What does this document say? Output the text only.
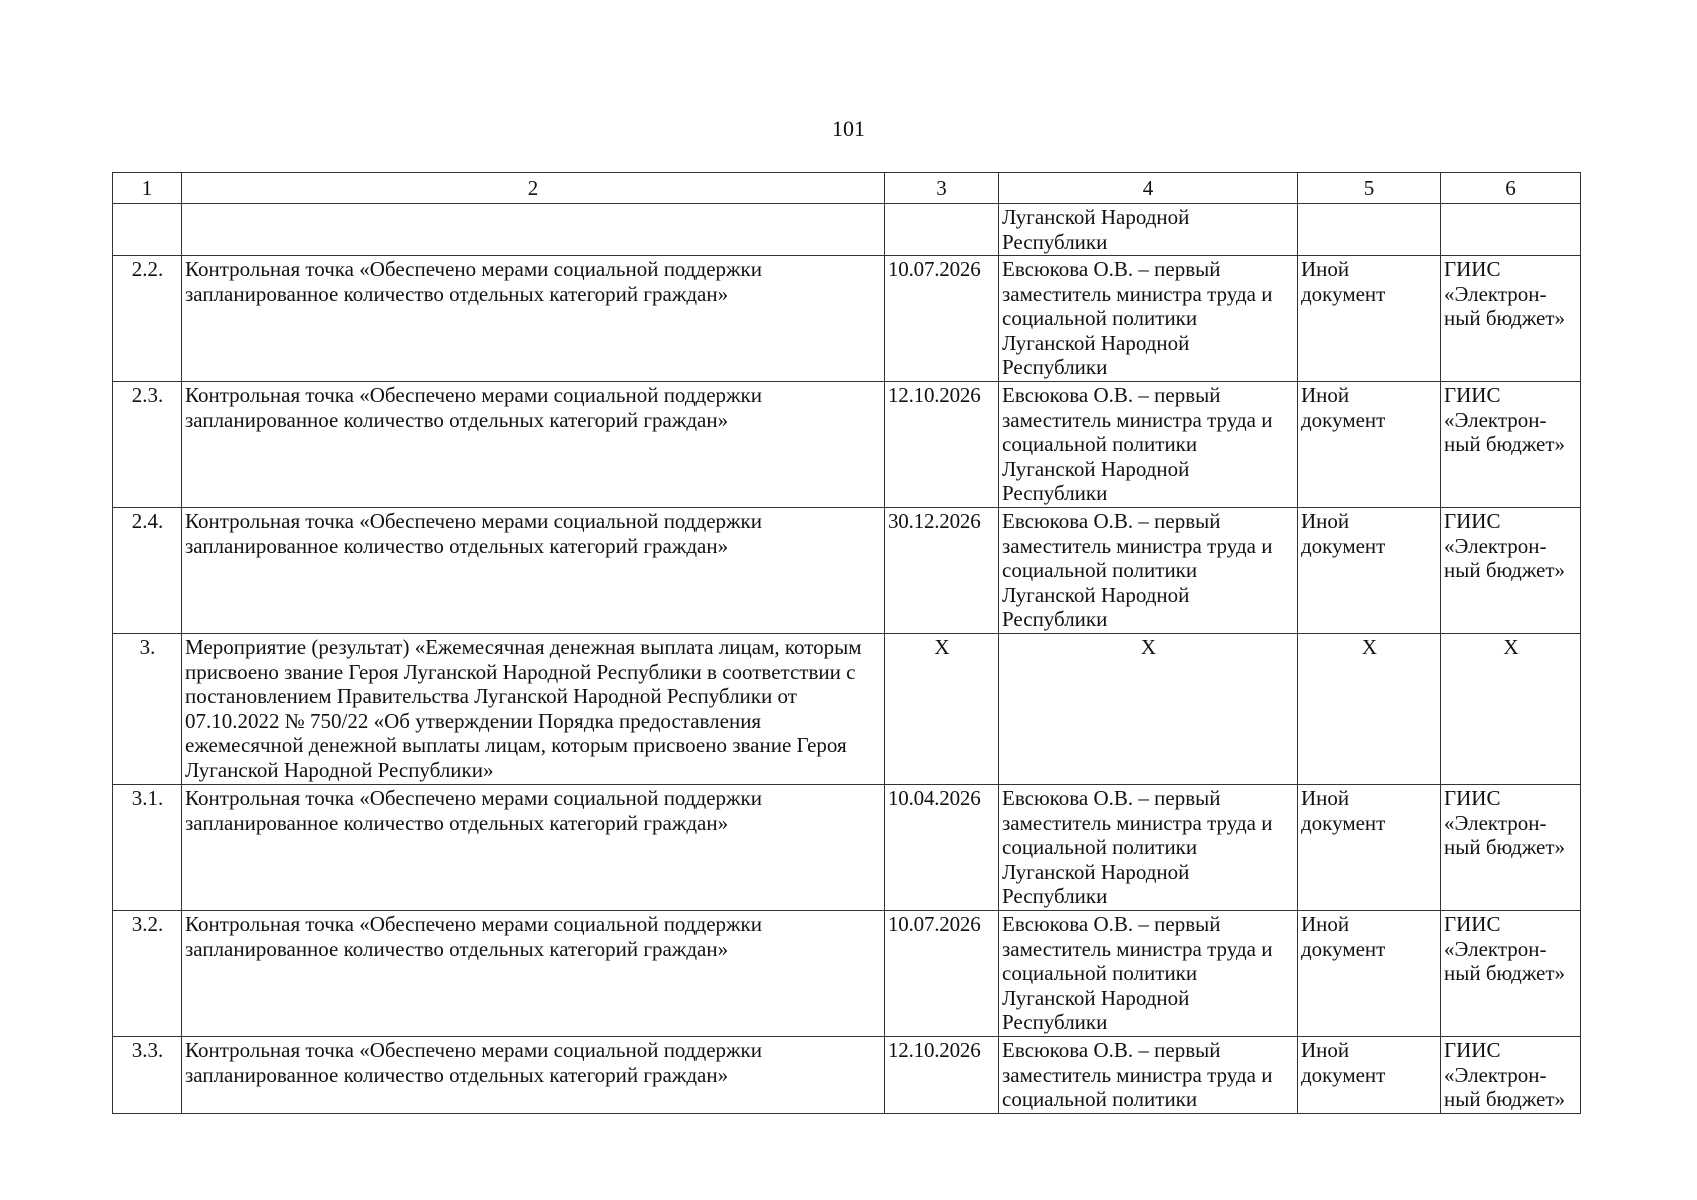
101
1	2	3	4	5	6
			Луганской Народной Республики		
2.2.	Контрольная точка «Обеспечено мерами социальной поддержки запланированное количество отдельных категорий граждан»	10.07.2026	Евсюкова О.В. – первый заместитель министра труда и социальной политики Луганской Народной Республики	Иной документ	ГИИС «Электрон-ный бюджет»
2.3.	Контрольная точка «Обеспечено мерами социальной поддержки запланированное количество отдельных категорий граждан»	12.10.2026	Евсюкова О.В. – первый заместитель министра труда и социальной политики Луганской Народной Республики	Иной документ	ГИИС «Электрон-ный бюджет»
2.4.	Контрольная точка «Обеспечено мерами социальной поддержки запланированное количество отдельных категорий граждан»	30.12.2026	Евсюкова О.В. – первый заместитель министра труда и социальной политики Луганской Народной Республики	Иной документ	ГИИС «Электрон-ный бюджет»
3.	Мероприятие (результат) «Ежемесячная денежная выплата лицам, которым присвоено звание Героя Луганской Народной Республики в соответствии с постановлением Правительства Луганской Народной Республики от 07.10.2022 № 750/22 «Об утверждении Порядка предоставления ежемесячной денежной выплаты лицам, которым присвоено звание Героя Луганской Народной Республики»	Х	Х	Х	Х
3.1.	Контрольная точка «Обеспечено мерами социальной поддержки запланированное количество отдельных категорий граждан»	10.04.2026	Евсюкова О.В. – первый заместитель министра труда и социальной политики Луганской Народной Республики	Иной документ	ГИИС «Электрон-ный бюджет»
3.2.	Контрольная точка «Обеспечено мерами социальной поддержки запланированное количество отдельных категорий граждан»	10.07.2026	Евсюкова О.В. – первый заместитель министра труда и социальной политики Луганской Народной Республики	Иной документ	ГИИС «Электрон-ный бюджет»
3.3.	Контрольная точка «Обеспечено мерами социальной поддержки запланированное количество отдельных категорий граждан»	12.10.2026	Евсюкова О.В. – первый заместитель министра труда и социальной политики	Иной документ	ГИИС «Электрон-ный бюджет»
